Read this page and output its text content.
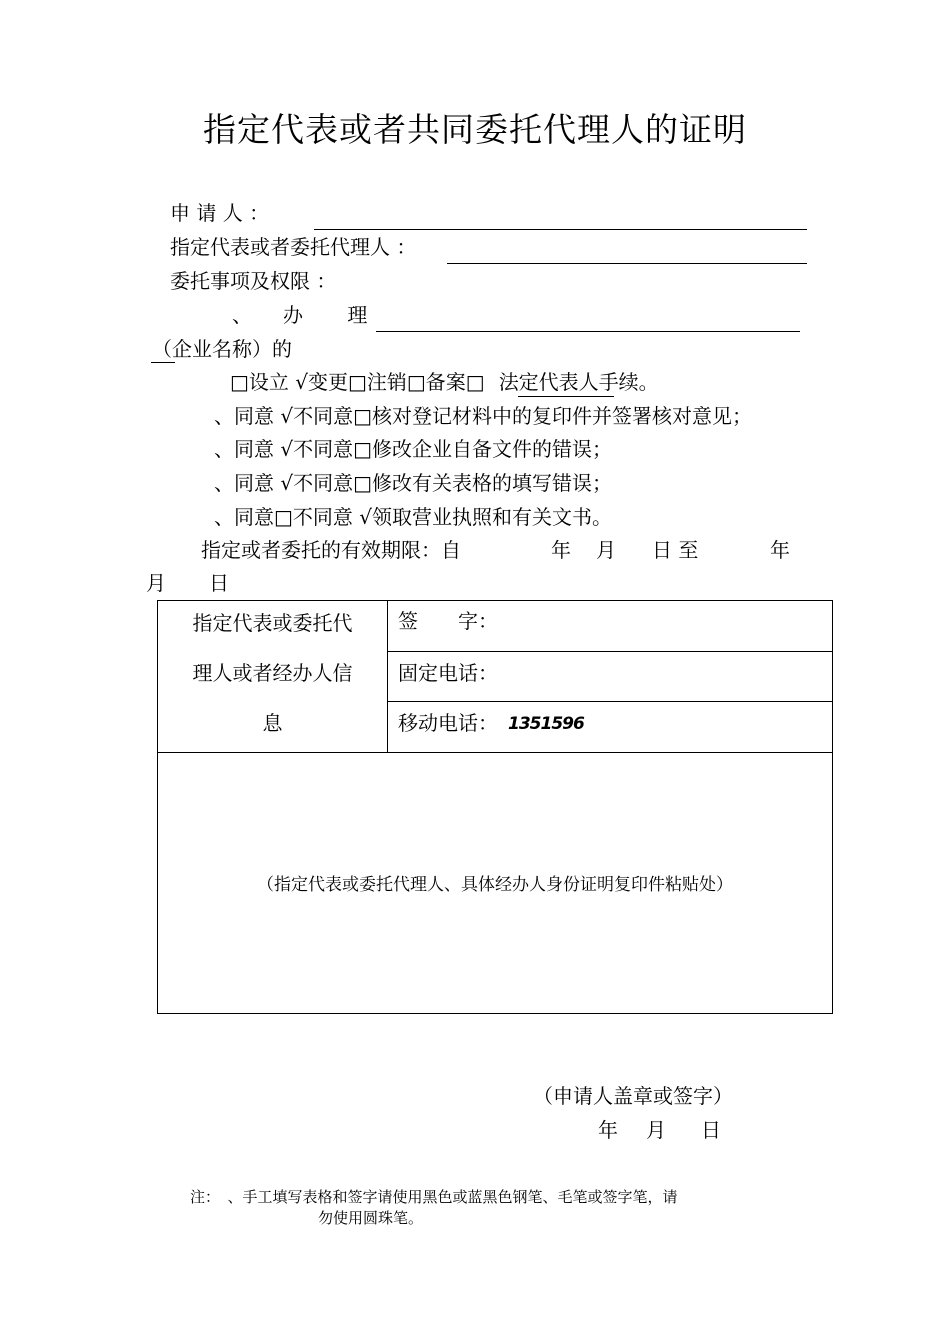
指定代表或者共同委托代理人的证明
申 请 人 ：
指定代表或者委托代理人 ：
委托事项及权限 ：
、 办 理
（企业名称）的
□设立 √变更□注销□备案□ 法定代表人手续。
、同意 √不同意□核对登记材料中的复印件并签署核对意见；
、同意 √不同意□修改企业自备文件的错误；
、同意 √不同意□修改有关表格的填写错误；
、同意□不同意 √领取营业执照和有关文书。
指定或者委托的有效期限：自	年 月 日 至	年
月 日
指定代表或委托代
理人或者经办人信
息
签　　字：
固定电话：
移动电话： 1351596
（指定代表或委托代理人、具体经办人身份证明复印件粘贴处）
（申请人盖章或签字）
年 月 日
注：　、手工填写表格和签字请使用黑色或蓝黑色钢笔、毛笔或签字笔，请
勿使用圆珠笔。
